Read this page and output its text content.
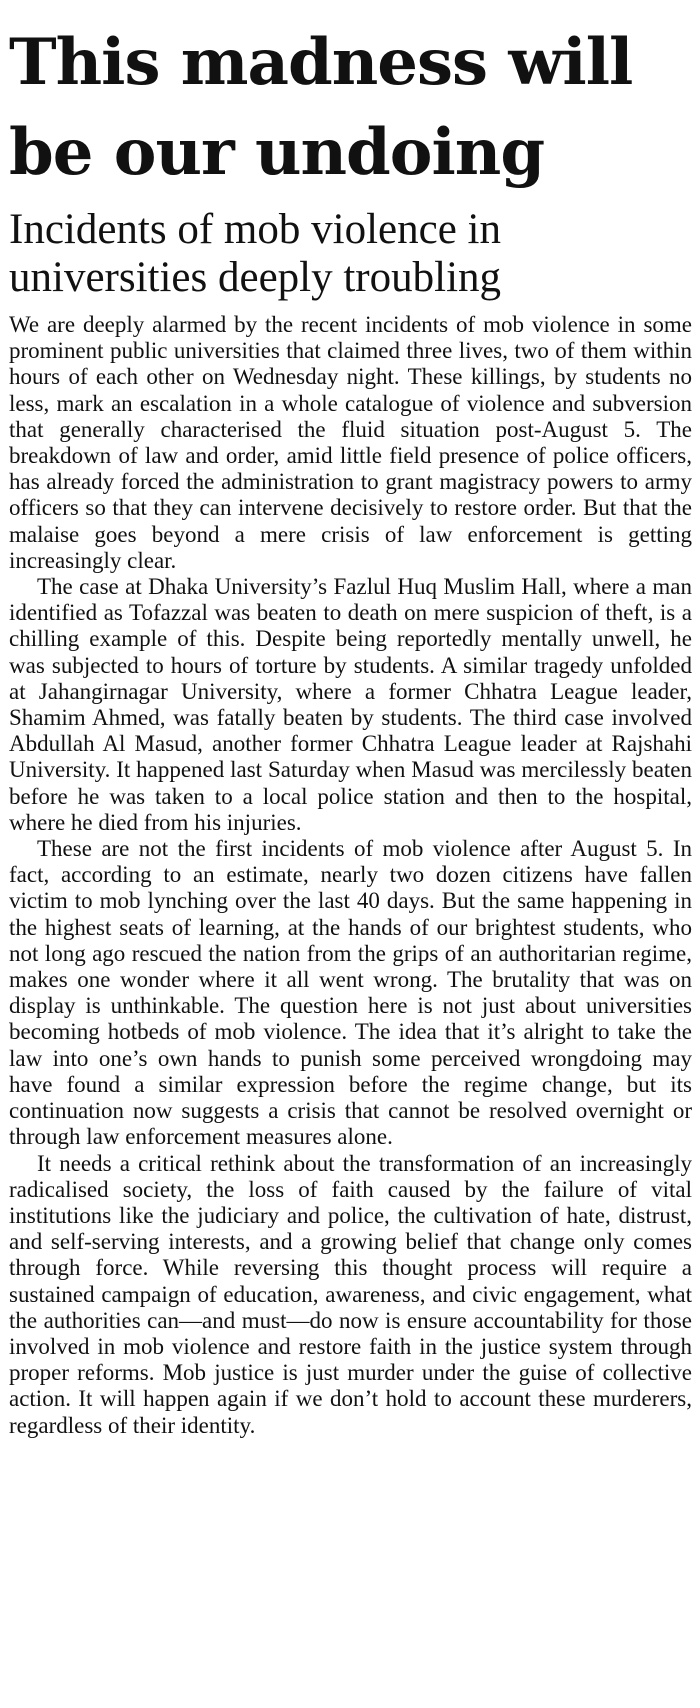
This madness will be our undoing
Incidents of mob violence in universities deeply troubling

We are deeply alarmed by the recent incidents of mob violence in some prominent public universities that claimed three lives, two of them within hours of each other on Wednesday night. These killings, by students no less, mark an escalation in a whole catalogue of violence and subversion that generally characterised the fluid situation post-August 5. The breakdown of law and order, amid little field presence of police officers, has already forced the administration to grant magistracy powers to army officers so that they can intervene decisively to restore order. But that the malaise goes beyond a mere crisis of law enforcement is getting increasingly clear.

The case at Dhaka University’s Fazlul Huq Muslim Hall, where a man identified as Tofazzal was beaten to death on mere suspicion of theft, is a chilling example of this. Despite being reportedly mentally unwell, he was subjected to hours of torture by students. A similar tragedy unfolded at Jahangirnagar University, where a former Chhatra League leader, Shamim Ahmed, was fatally beaten by students. The third case involved Abdullah Al Masud, another former Chhatra League leader at Rajshahi University. It happened last Saturday when Masud was mercilessly beaten before he was taken to a local police station and then to the hospital, where he died from his injuries.

These are not the first incidents of mob violence after August 5. In fact, according to an estimate, nearly two dozen citizens have fallen victim to mob lynching over the last 40 days. But the same happening in the highest seats of learning, at the hands of our brightest students, who not long ago rescued the nation from the grips of an authoritarian regime, makes one wonder where it all went wrong. The brutality that was on display is unthinkable. The question here is not just about universities becoming hotbeds of mob violence. The idea that it’s alright to take the law into one’s own hands to punish some perceived wrongdoing may have found a similar expression before the regime change, but its continuation now suggests a crisis that cannot be resolved overnight or through law enforcement measures alone.

It needs a critical rethink about the transformation of an increasingly radicalised society, the loss of faith caused by the failure of vital institutions like the judiciary and police, the cultivation of hate, distrust, and self-serving interests, and a growing belief that change only comes through force. While reversing this thought process will require a sustained campaign of education, awareness, and civic engagement, what the authorities can—and must—do now is ensure accountability for those involved in mob violence and restore faith in the justice system through proper reforms. Mob justice is just murder under the guise of collective action. It will happen again if we don’t hold to account these murderers, regardless of their identity.
